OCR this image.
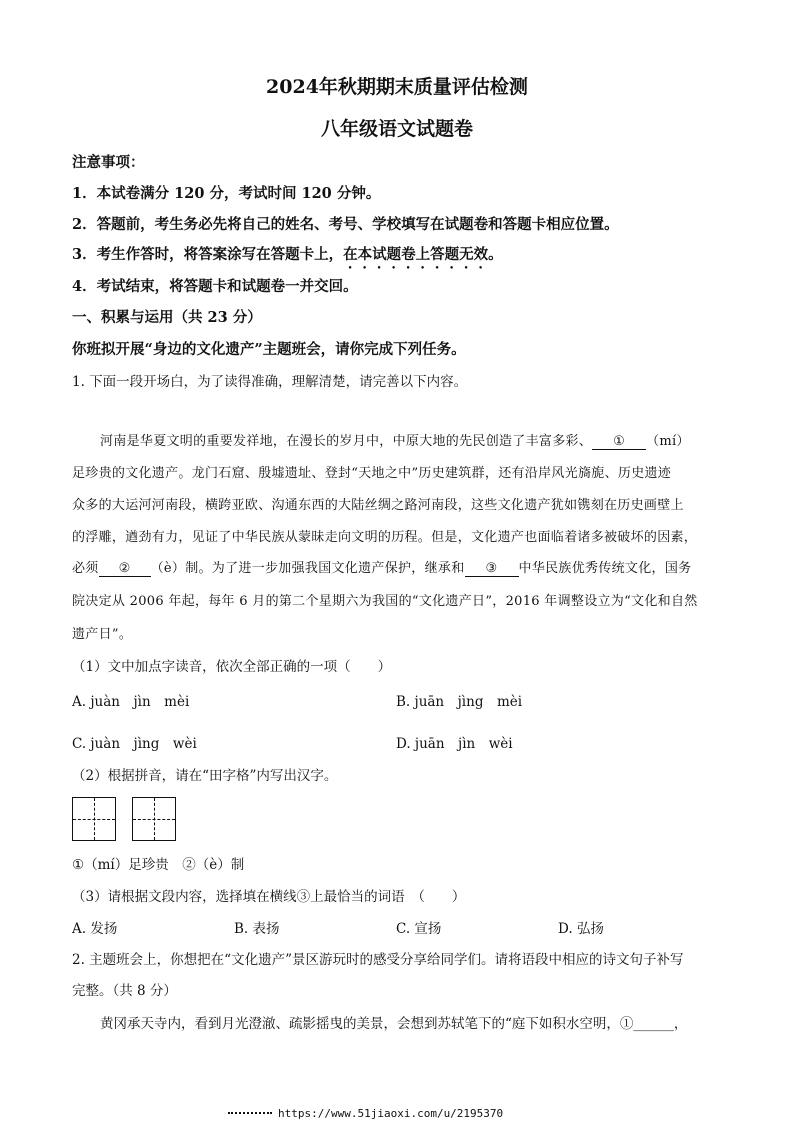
2024年秋期期末质量评估检测
八年级语文试题卷
注意事项：
1．本试卷满分 120 分，考试时间 120 分钟。
2．答题前，考生务必先将自己的姓名、考号、学校填写在试题卷和答题卡相应位置。
3．考生作答时，将答案涂写在答题卡上，在本试题卷上答题无效。
4．考试结束，将答题卡和试题卷一并交回。
一、积累与运用（共 23 分）
你班拟开展“身边的文化遗产”主题班会，请你完成下列任务。
1. 下面一段开场白，为了读得准确，理解清楚，请完善以下内容。
河南是华夏文明的重要发祥地，在漫长的岁月中，中原大地的先民创造了丰富多彩、 ① （mí）
足珍贵的文化遗产。龙门石窟、殷墟遗址、登封“天地之中”历史建筑群，还有沿岸风光旖旎、历史遗迹
众多的大运河河南段，横跨亚欧、沟通东西的大陆丝绸之路河南段，这些文化遗产犹如镌刻在历史画壁上
的浮雕，遒劲有力，见证了中华民族从蒙昧走向文明的历程。但是，文化遗产也面临着诸多被破坏的因素，
必须 ② （è）制。为了进一步加强我国文化遗产保护，继承和 ③ 中华民族优秀传统文化，国务
院决定从 2006 年起，每年 6 月的第二个星期六为我国的“文化遗产日”，2016 年调整设立为“文化和自然
遗产日”。
（1）文中加点字读音，依次全部正确的一项（　　）
A. juàn　jìn　mèi	B. juān　jìng　mèi
C. juàn　jìng　wèi	D. juān　jìn　wèi
（2）根据拼音，请在“田字格”内写出汉字。
①（mí）足珍贵　②（è）制
（3）请根据文段内容，选择填在横线③上最恰当的词语　（　　）
A. 发扬	B. 表扬	C. 宣扬	D. 弘扬
2. 主题班会上，你想把在“文化遗产”景区游玩时的感受分享给同学们。请将语段中相应的诗文句子补写
完整。（共 8 分）
黄冈承天寺内，看到月光澄澈、疏影摇曳的美景，会想到苏轼笔下的“庭下如积水空明，①______，
https://www.51jiaoxi.com/u/2195370
